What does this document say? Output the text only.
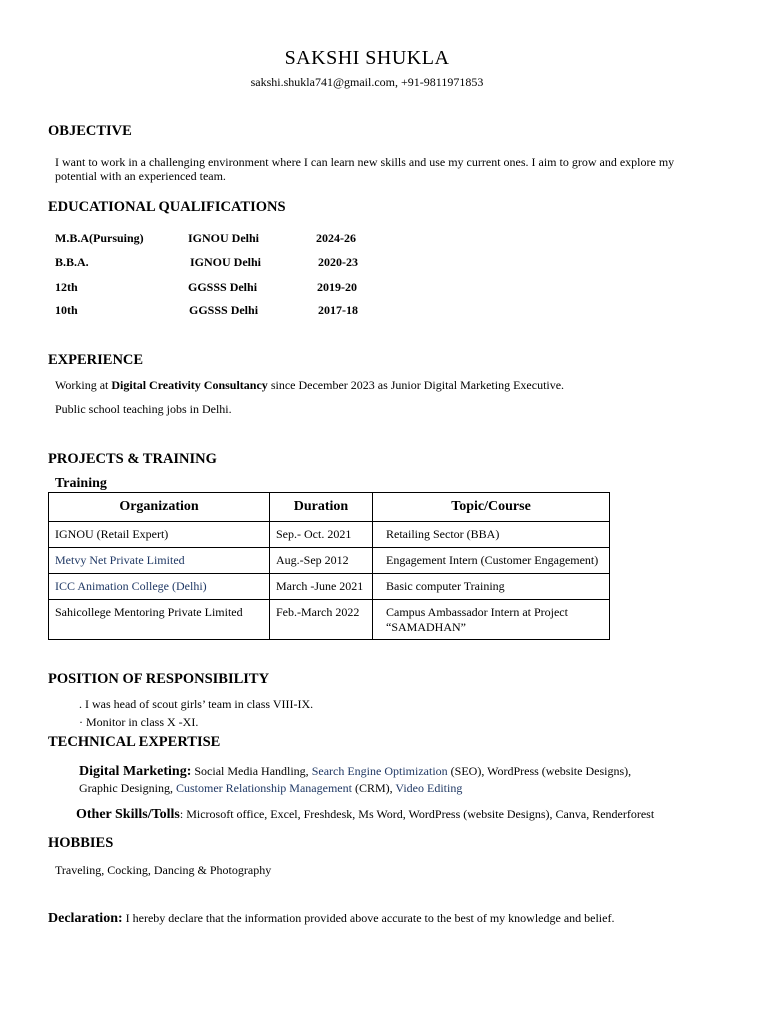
SAKSHI SHUKLA
sakshi.shukla741@gmail.com, +91-9811971853
OBJECTIVE
I want to work in a challenging environment where I can learn new skills and use my current ones. I aim to grow and explore my
potential with an experienced team.
EDUCATIONAL QUALIFICATIONS
M.B.A(Pursuing)	IGNOU Delhi	2024-26
B.B.A.	IGNOU Delhi	2020-23
12th	GGSSS Delhi	2019-20
10th	GGSSS Delhi	2017-18
EXPERIENCE
Working at Digital Creativity Consultancy since December 2023 as Junior Digital Marketing Executive.
Public school teaching jobs in Delhi.
PROJECTS & TRAINING
Training
Organization	Duration	Topic/Course
IGNOU (Retail Expert)	Sep.- Oct. 2021	Retailing Sector (BBA)
Metvy Net Private Limited	Aug.-Sep 2012	Engagement Intern (Customer Engagement)
ICC Animation College (Delhi)	March -June 2021	Basic computer Training
Sahicollege Mentoring Private Limited	Feb.-March 2022	Campus Ambassador Intern at Project “SAMADHAN”
POSITION OF RESPONSIBILITY
. I was head of scout girls’ team in class VIII-IX.
· Monitor in class X -XI.
TECHNICAL EXPERTISE
Digital Marketing: Social Media Handling, Search Engine Optimization (SEO), WordPress (website Designs),
Graphic Designing, Customer Relationship Management (CRM), Video Editing
Other Skills/Tolls: Microsoft office, Excel, Freshdesk, Ms Word, WordPress (website Designs), Canva, Renderforest
HOBBIES
Traveling, Cocking, Dancing & Photography
Declaration: I hereby declare that the information provided above accurate to the best of my knowledge and belief.
